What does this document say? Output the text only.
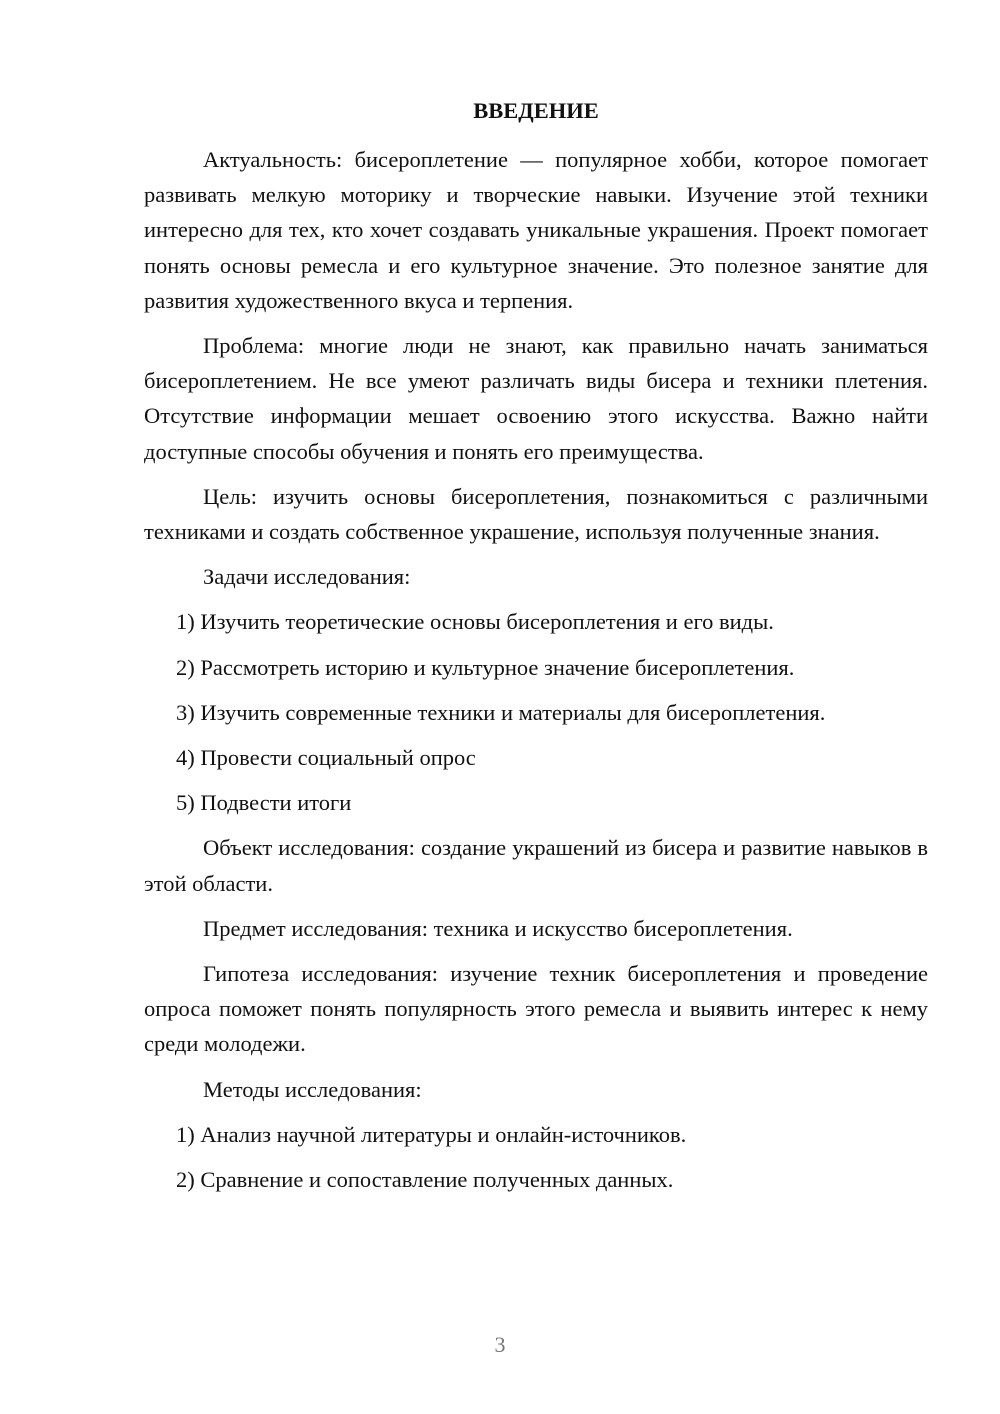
ВВЕДЕНИЕ

Актуальность: бисероплетение — популярное хобби, которое помогает развивать мелкую моторику и творческие навыки. Изучение этой техники интересно для тех, кто хочет создавать уникальные украшения. Проект помогает понять основы ремесла и его культурное значение. Это полезное занятие для развития художественного вкуса и терпения.

Проблема: многие люди не знают, как правильно начать заниматься бисероплетением. Не все умеют различать виды бисера и техники плетения. Отсутствие информации мешает освоению этого искусства. Важно найти доступные способы обучения и понять его преимущества.

Цель: изучить основы бисероплетения, познакомиться с различными техниками и создать собственное украшение, используя полученные знания.

Задачи исследования:

1) Изучить теоретические основы бисероплетения и его виды.

2) Рассмотреть историю и культурное значение бисероплетения.

3) Изучить современные техники и материалы для бисероплетения.

4) Провести социальный опрос

5) Подвести итоги

Объект исследования: создание украшений из бисера и развитие навыков в этой области.

Предмет исследования: техника и искусство бисероплетения.

Гипотеза исследования: изучение техник бисероплетения и проведение опроса поможет понять популярность этого ремесла и выявить интерес к нему среди молодежи.

Методы исследования:

1) Анализ научной литературы и онлайн-источников.

2) Сравнение и сопоставление полученных данных.

3
